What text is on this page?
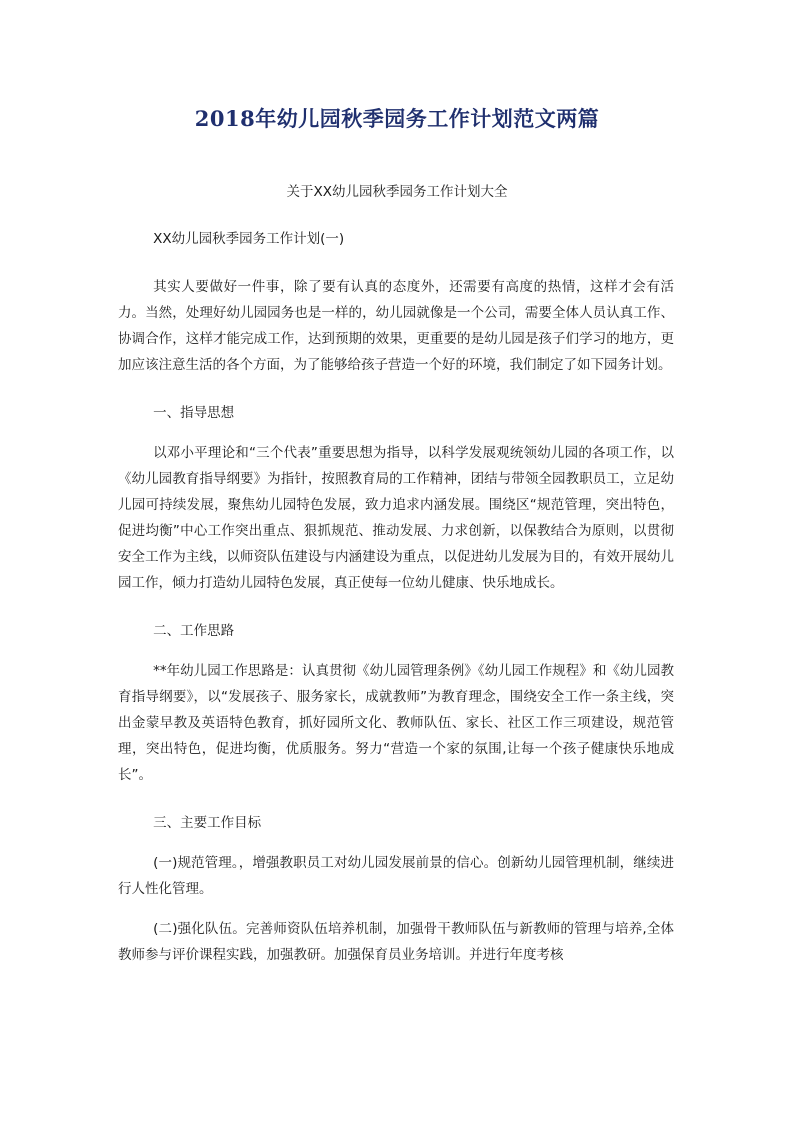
2018年幼儿园秋季园务工作计划范文两篇
关于XX幼儿园秋季园务工作计划大全

XX幼儿园秋季园务工作计划(一)

其实人要做好一件事，除了要有认真的态度外，还需要有高度的热情，这样才会有活力。当然，处理好幼儿园园务也是一样的，幼儿园就像是一个公司，需要全体人员认真工作、协调合作，这样才能完成工作，达到预期的效果，更重要的是幼儿园是孩子们学习的地方，更加应该注意生活的各个方面，为了能够给孩子营造一个好的环境，我们制定了如下园务计划。

一、指导思想

以邓小平理论和“三个代表”重要思想为指导，以科学发展观统领幼儿园的各项工作，以《幼儿园教育指导纲要》为指针，按照教育局的工作精神，团结与带领全园教职员工，立足幼儿园可持续发展，聚焦幼儿园特色发展，致力追求内涵发展。围绕区“规范管理，突出特色，促进均衡”中心工作突出重点、狠抓规范、推动发展、力求创新，以保教结合为原则，以贯彻安全工作为主线，以师资队伍建设与内涵建设为重点，以促进幼儿发展为目的，有效开展幼儿园工作，倾力打造幼儿园特色发展，真正使每一位幼儿健康、快乐地成长。

二、工作思路

**年幼儿园工作思路是：认真贯彻《幼儿园管理条例》《幼儿园工作规程》和《幼儿园教育指导纲要》，以“发展孩子、服务家长，成就教师”为教育理念，围绕安全工作一条主线，突出金蒙早教及英语特色教育，抓好园所文化、教师队伍、家长、社区工作三项建设，规范管理，突出特色，促进均衡，优质服务。努力“营造一个家的氛围,让每一个孩子健康快乐地成长”。

三、主要工作目标

(一)规范管理。，增强教职员工对幼儿园发展前景的信心。创新幼儿园管理机制，继续进行人性化管理。

(二)强化队伍。完善师资队伍培养机制，加强骨干教师队伍与新教师的管理与培养,全体教师参与评价课程实践，加强教研。加强保育员业务培训。并进行年度考核
